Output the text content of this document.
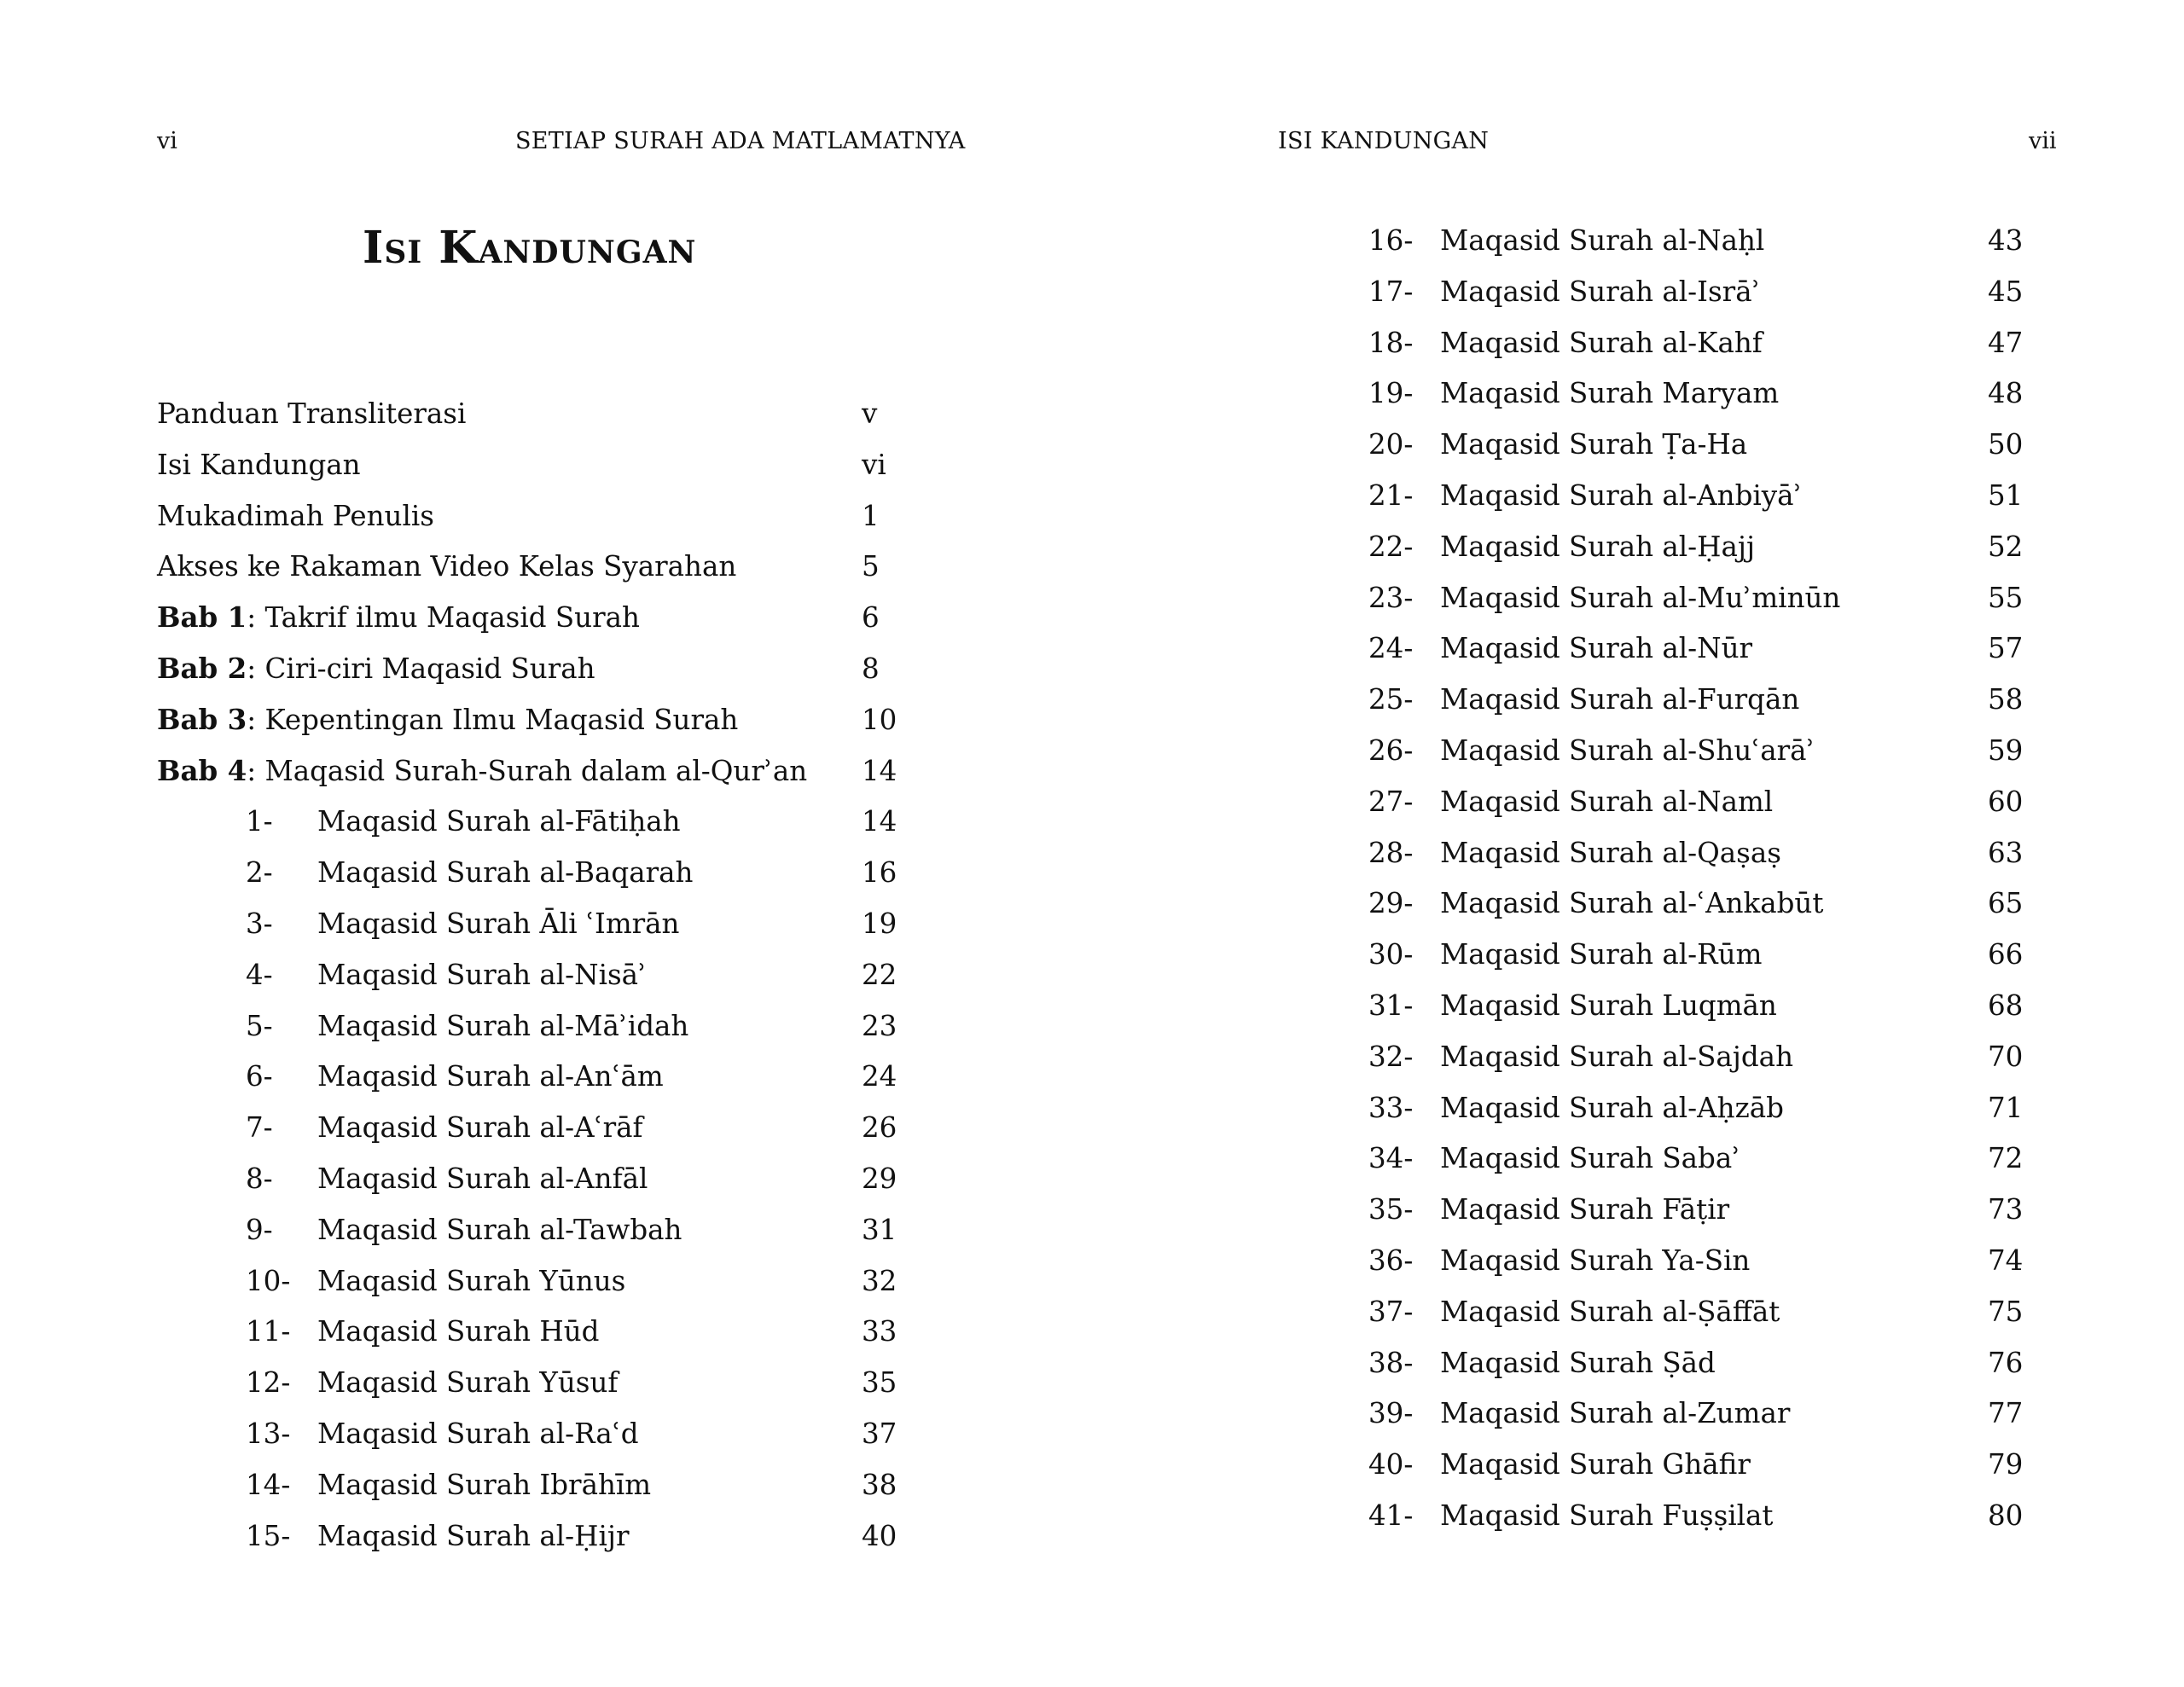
vi	SETIAP SURAH ADA MATLAMATNYA
Isi Kandungan
Panduan Transliterasi	v
Isi Kandungan	vi
Mukadimah Penulis	1
Akses ke Rakaman Video Kelas Syarahan	5
Bab 1: Takrif ilmu Maqasid Surah	6
Bab 2: Ciri-ciri Maqasid Surah	8
Bab 3: Kepentingan Ilmu Maqasid Surah	10
Bab 4: Maqasid Surah-Surah dalam al-Qurʾan 14
1- Maqasid Surah al-Fātiḥah	14
2- Maqasid Surah al-Baqarah	16
3- Maqasid Surah Āli ʿImrān	19
4- Maqasid Surah al-Nisāʾ	22
5- Maqasid Surah al-Māʾidah	23
6- Maqasid Surah al-Anʿām	24
7- Maqasid Surah al-Aʿrāf	26
8- Maqasid Surah al-Anfāl	29
9- Maqasid Surah al-Tawbah	31
10- Maqasid Surah Yūnus	32
11- Maqasid Surah Hūd	33
12- Maqasid Surah Yūsuf	35
13- Maqasid Surah al-Raʿd	37
14- Maqasid Surah Ibrāhīm	38
15- Maqasid Surah al-Ḥijr	40
ISI KANDUNGAN	vii
16- Maqasid Surah al-Naḥl	43
17- Maqasid Surah al-Isrāʾ	45
18- Maqasid Surah al-Kahf	47
19- Maqasid Surah Maryam	48
20- Maqasid Surah Ṭa-Ha	50
21- Maqasid Surah al-Anbiyāʾ	51
22- Maqasid Surah al-Ḥajj	52
23- Maqasid Surah al-Muʾminūn	55
24- Maqasid Surah al-Nūr	57
25- Maqasid Surah al-Furqān	58
26- Maqasid Surah al-Shuʿarāʾ	59
27- Maqasid Surah al-Naml	60
28- Maqasid Surah al-Qaṣaṣ	63
29- Maqasid Surah al-ʿAnkabūt	65
30- Maqasid Surah al-Rūm	66
31- Maqasid Surah Luqmān	68
32- Maqasid Surah al-Sajdah	70
33- Maqasid Surah al-Aḥzāb	71
34- Maqasid Surah Sabaʾ	72
35- Maqasid Surah Fāṭir	73
36- Maqasid Surah Ya-Sin	74
37- Maqasid Surah al-Ṣāffāt	75
38- Maqasid Surah Ṣād	76
39- Maqasid Surah al-Zumar	77
40- Maqasid Surah Ghāfir	79
41- Maqasid Surah Fuṣṣilat	80
